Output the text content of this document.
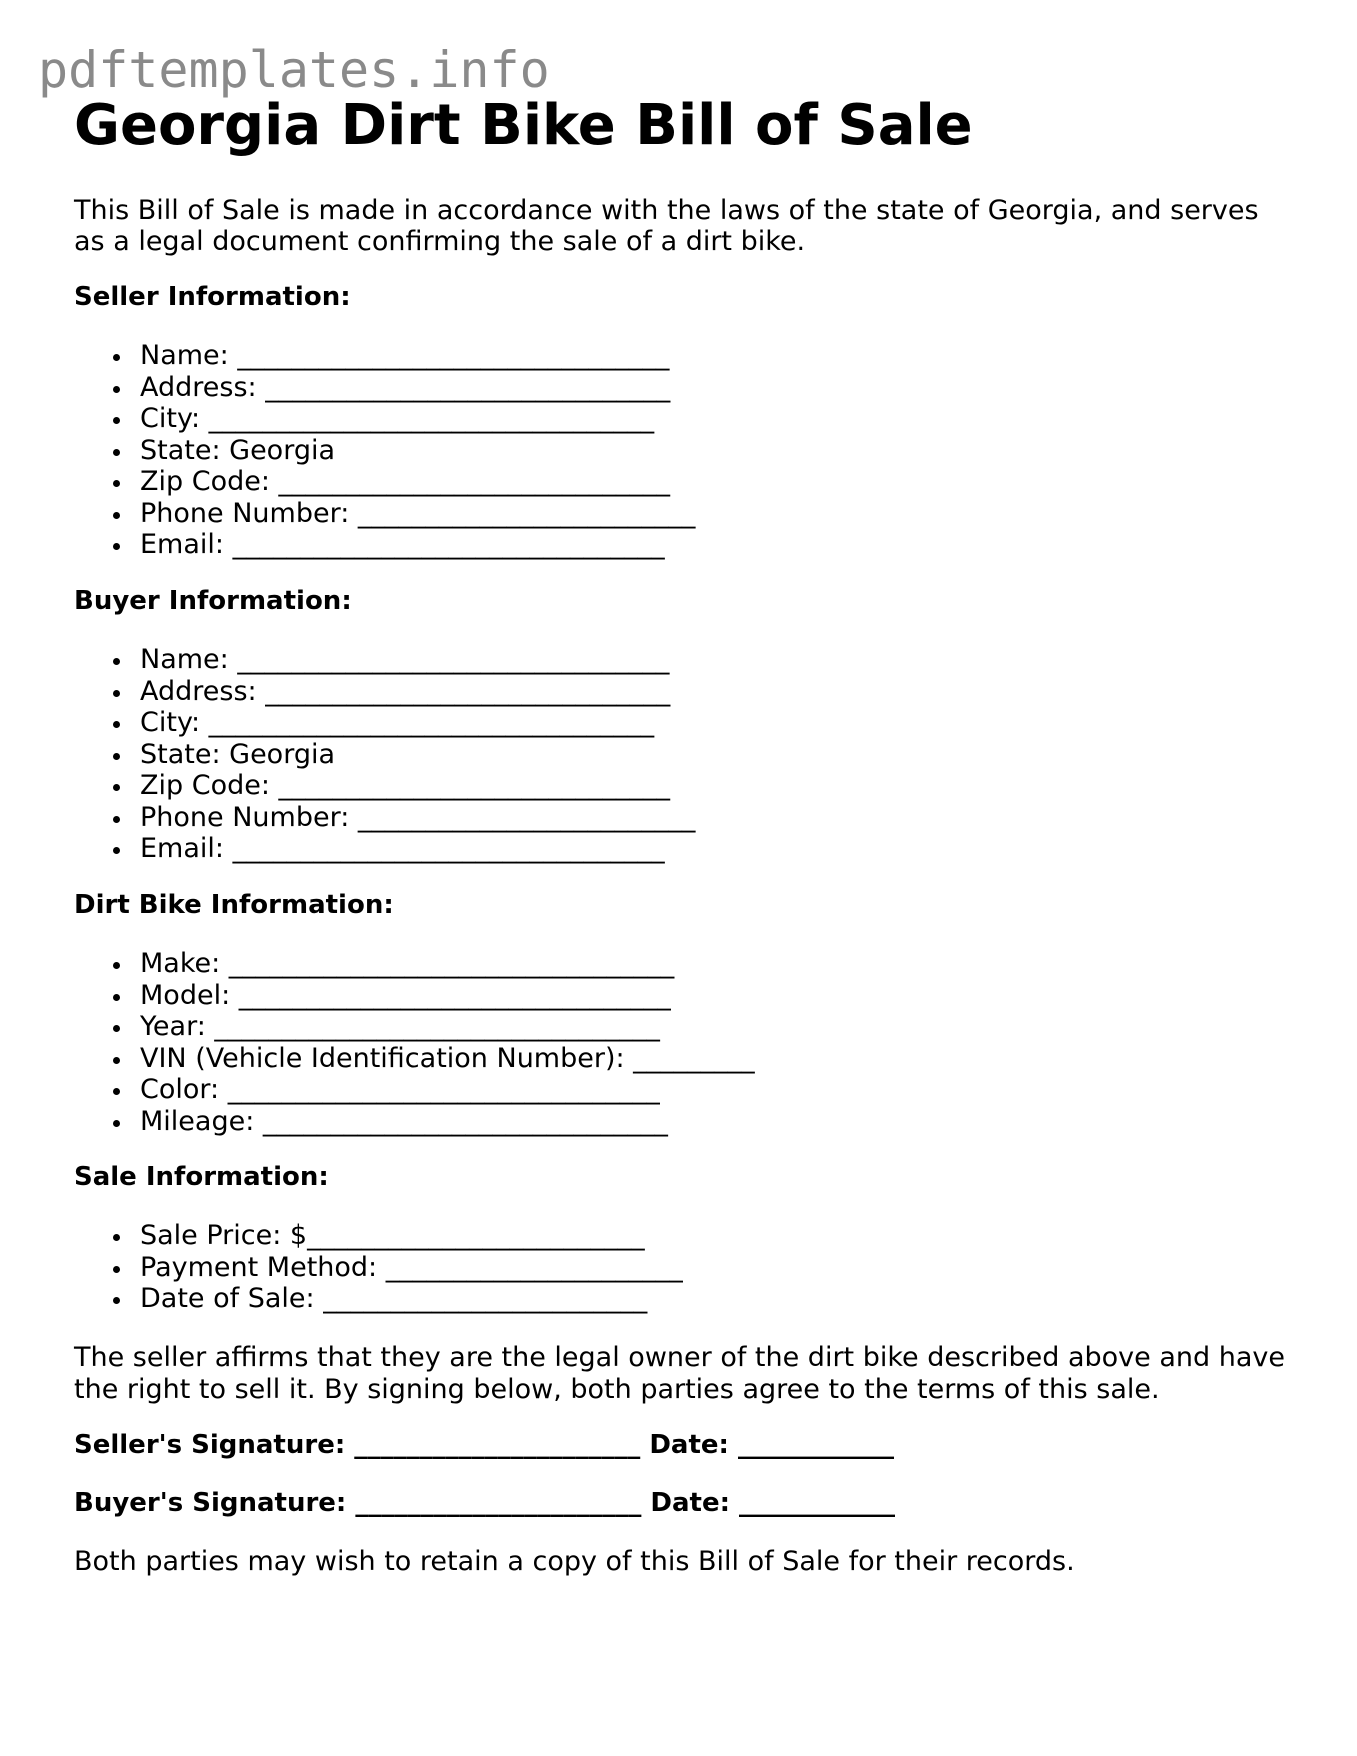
pdftemplates.info
Georgia Dirt Bike Bill of Sale

This Bill of Sale is made in accordance with the laws of the state of Georgia, and serves as a legal document confirming the sale of a dirt bike.

Seller Information:

Name: ________________________________
Address: ______________________________
City: _________________________________
State: Georgia
Zip Code: _____________________________
Phone Number: _________________________
Email: ________________________________

Buyer Information:

Name: ________________________________
Address: ______________________________
City: _________________________________
State: Georgia
Zip Code: _____________________________
Phone Number: _________________________
Email: ________________________________

Dirt Bike Information:

Make: _________________________________
Model: ________________________________
Year: _________________________________
VIN (Vehicle Identification Number): _________
Color: ________________________________
Mileage: ______________________________

Sale Information:

Sale Price: $_________________________
Payment Method: ______________________
Date of Sale: ________________________

The seller affirms that they are the legal owner of the dirt bike described above and have the right to sell it. By signing below, both parties agree to the terms of this sale.

Seller's Signature: ______________________ Date: ____________

Buyer's Signature: ______________________ Date: ____________

Both parties may wish to retain a copy of this Bill of Sale for their records.
